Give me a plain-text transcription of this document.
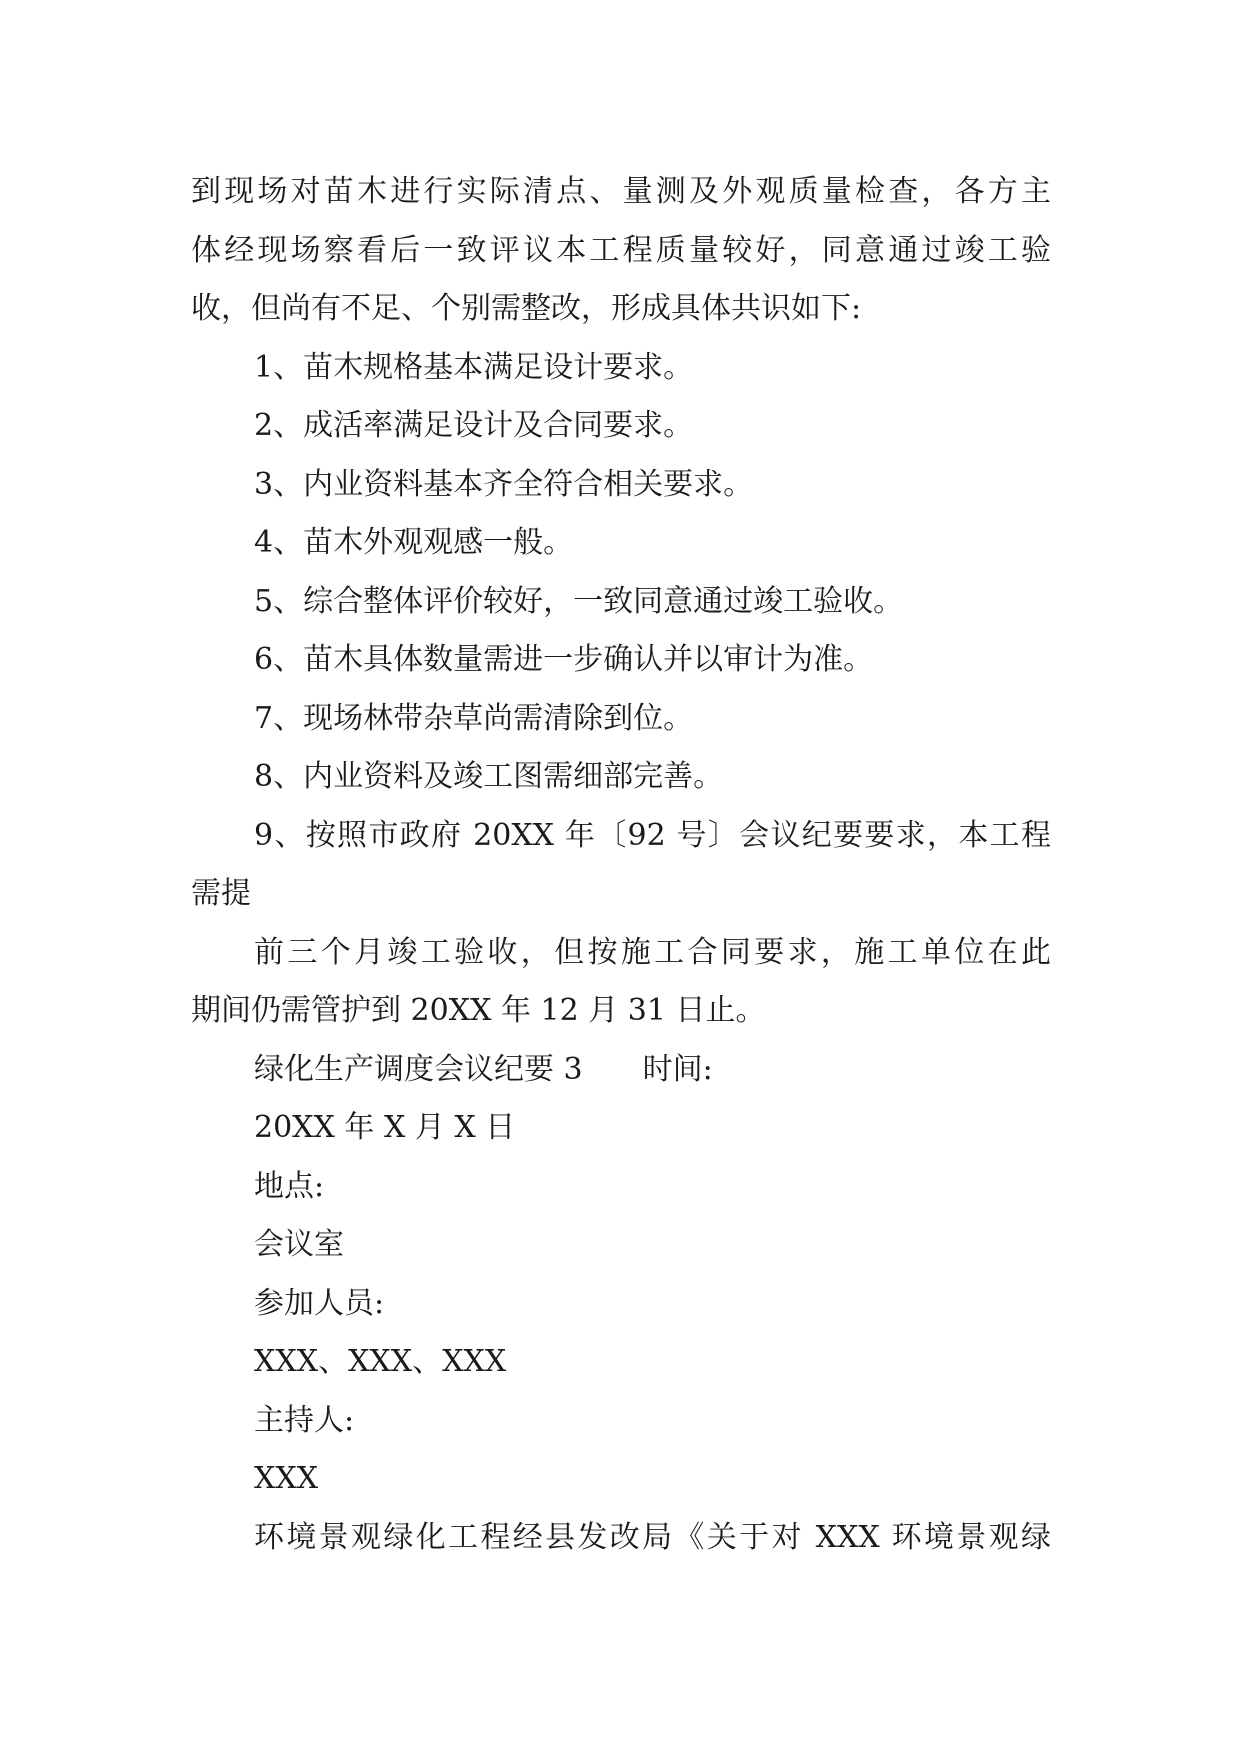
到现场对苗木进行实际清点、量测及外观质量检查，各方主
体经现场察看后一致评议本工程质量较好，同意通过竣工验
收，但尚有不足、个别需整改，形成具体共识如下:
1、苗木规格基本满足设计要求。
2、成活率满足设计及合同要求。
3、内业资料基本齐全符合相关要求。
4、苗木外观观感一般。
5、综合整体评价较好，一致同意通过竣工验收。
6、苗木具体数量需进一步确认并以审计为准。
7、现场林带杂草尚需清除到位。
8、内业资料及竣工图需细部完善。
9、按照市政府 20XX 年〔92 号〕会议纪要要求，本工程
需提
前三个月竣工验收，但按施工合同要求，施工单位在此
期间仍需管护到 20XX 年 12 月 31 日止。
绿化生产调度会议纪要 3 时间:
20XX 年 X 月 X 日
地点:
会议室
参加人员:
XXX、XXX、XXX
主持人:
XXX
环境景观绿化工程经县发改局《关于对 XXX 环境景观绿
